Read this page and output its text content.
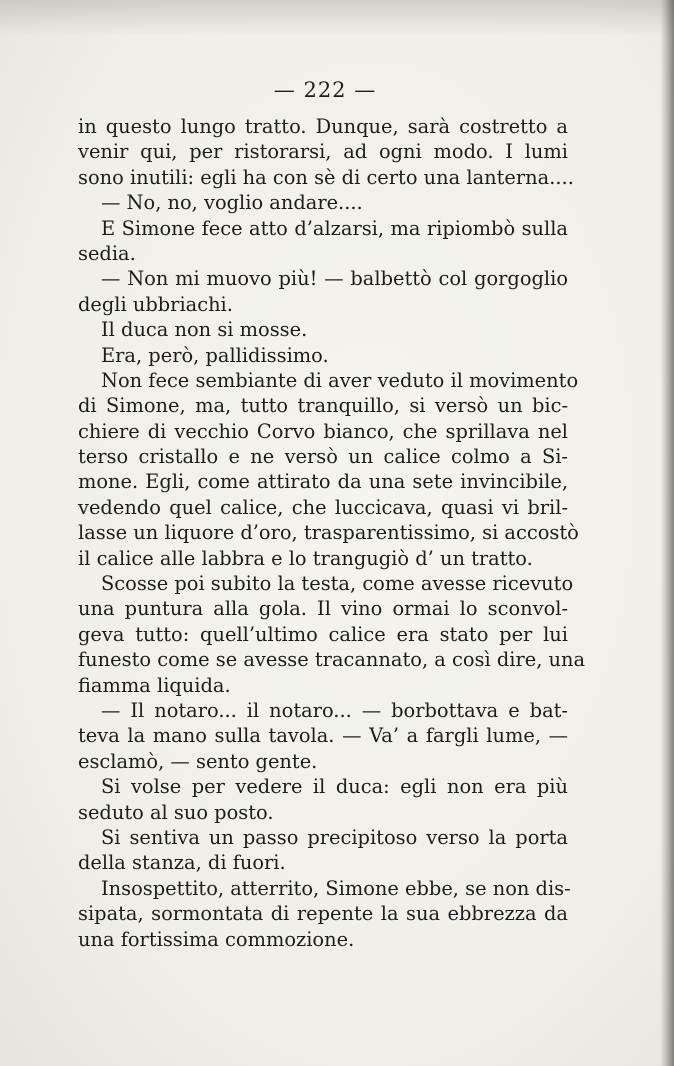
— 222 —
in questo lungo tratto. Dunque, sarà costretto a
venir qui, per ristorarsi, ad ogni modo. I lumi
sono inutili: egli ha con sè di certo una lanterna....
— No, no, voglio andare....
E Simone fece atto d’alzarsi, ma ripiombò sulla
sedia.
— Non mi muovo più! — balbettò col gorgoglio
degli ubbriachi.
Il duca non si mosse.
Era, però, pallidissimo.
Non fece sembiante di aver veduto il movimento
di Simone, ma, tutto tranquillo, si versò un bic-
chiere di vecchio Corvo bianco, che sprillava nel
terso cristallo e ne versò un calice colmo a Si-
mone. Egli, come attirato da una sete invincibile,
vedendo quel calice, che luccicava, quasi vi bril-
lasse un liquore d’oro, trasparentissimo, si accostò
il calice alle labbra e lo trangugiò d’ un tratto.
Scosse poi subito la testa, come avesse ricevuto
una puntura alla gola. Il vino ormai lo sconvol-
geva tutto: quell’ultimo calice era stato per lui
funesto come se avesse tracannato, a così dire, una
fiamma liquida.
— Il notaro... il notaro... — borbottava e bat-
teva la mano sulla tavola. — Va’ a fargli lume, —
esclamò, — sento gente.
Si volse per vedere il duca: egli non era più
seduto al suo posto.
Si sentiva un passo precipitoso verso la porta
della stanza, di fuori.
Insospettito, atterrito, Simone ebbe, se non dis-
sipata, sormontata di repente la sua ebbrezza da
una fortissima commozione.
